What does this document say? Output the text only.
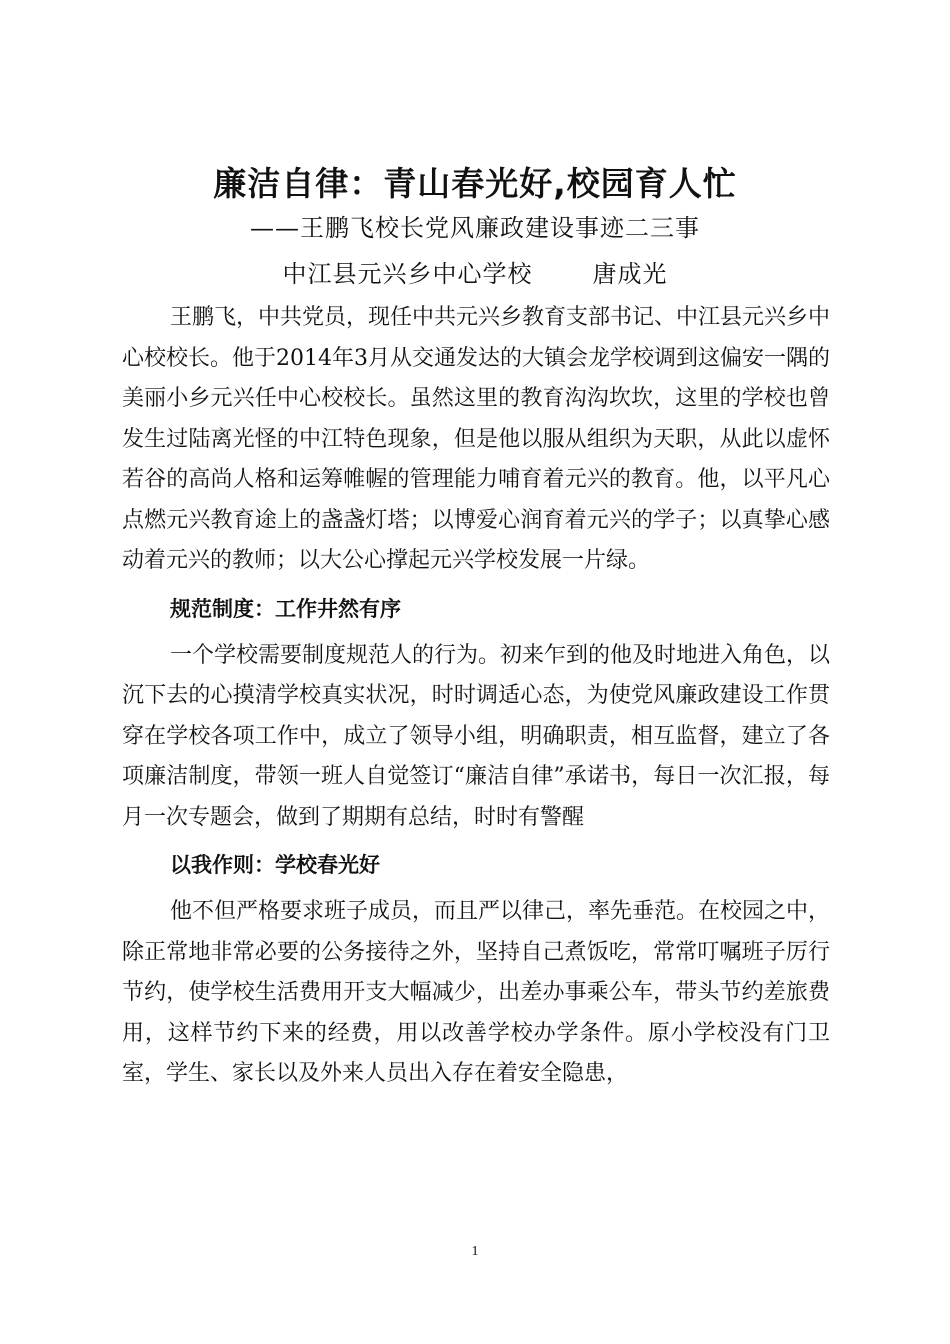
廉洁自律：青山春光好,校园育人忙
——王鹏飞校长党风廉政建设事迹二三事
中江县元兴乡中心学校	唐成光

王鹏飞，中共党员，现任中共元兴乡教育支部书记、中江县元兴乡中心校校长。他于2014年3月从交通发达的大镇会龙学校调到这偏安一隅的美丽小乡元兴任中心校校长。虽然这里的教育沟沟坎坎，这里的学校也曾发生过陆离光怪的中江特色现象，但是他以服从组织为天职，从此以虚怀若谷的高尚人格和运筹帷幄的管理能力哺育着元兴的教育。他，以平凡心点燃元兴教育途上的盏盏灯塔；以博爱心润育着元兴的学子；以真挚心感动着元兴的教师；以大公心撑起元兴学校发展一片绿。

规范制度：工作井然有序

一个学校需要制度规范人的行为。初来乍到的他及时地进入角色，以沉下去的心摸清学校真实状况，时时调适心态，为使党风廉政建设工作贯穿在学校各项工作中，成立了领导小组，明确职责，相互监督，建立了各项廉洁制度，带领一班人自觉签订“廉洁自律”承诺书，每日一次汇报，每月一次专题会，做到了期期有总结，时时有警醒

以我作则：学校春光好

他不但严格要求班子成员，而且严以律己，率先垂范。在校园之中，除正常地非常必要的公务接待之外，坚持自己煮饭吃，常常叮嘱班子厉行节约，使学校生活费用开支大幅减少，出差办事乘公车，带头节约差旅费用，这样节约下来的经费，用以改善学校办学条件。原小学校没有门卫室，学生、家长以及外来人员出入存在着安全隐患，

1
